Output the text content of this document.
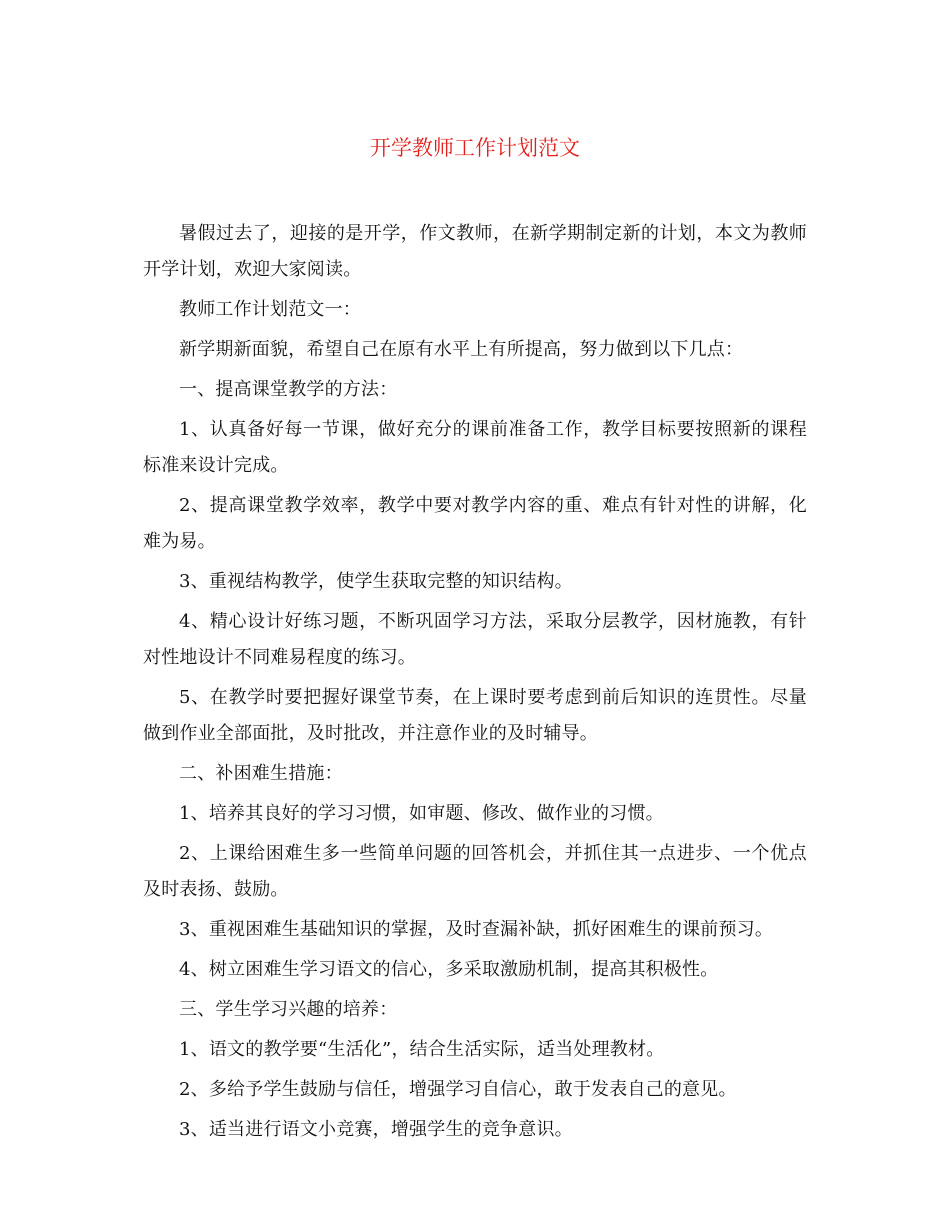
开学教师工作计划范文

暑假过去了，迎接的是开学，作文教师，在新学期制定新的计划，本文为教师开学计划，欢迎大家阅读。

教师工作计划范文一：

新学期新面貌，希望自己在原有水平上有所提高，努力做到以下几点：

一、提高课堂教学的方法：

1、认真备好每一节课，做好充分的课前准备工作，教学目标要按照新的课程标准来设计完成。

2、提高课堂教学效率，教学中要对教学内容的重、难点有针对性的讲解，化难为易。

3、重视结构教学，使学生获取完整的知识结构。

4、精心设计好练习题，不断巩固学习方法，采取分层教学，因材施教，有针对性地设计不同难易程度的练习。

5、在教学时要把握好课堂节奏，在上课时要考虑到前后知识的连贯性。尽量做到作业全部面批，及时批改，并注意作业的及时辅导。

二、补困难生措施：

1、培养其良好的学习习惯，如审题、修改、做作业的习惯。

2、上课给困难生多一些简单问题的回答机会，并抓住其一点进步、一个优点及时表扬、鼓励。

3、重视困难生基础知识的掌握，及时查漏补缺，抓好困难生的课前预习。

4、树立困难生学习语文的信心，多采取激励机制，提高其积极性。

三、学生学习兴趣的培养：

1、语文的教学要“生活化”，结合生活实际，适当处理教材。

2、多给予学生鼓励与信任，增强学习自信心，敢于发表自己的意见。

3、适当进行语文小竞赛，增强学生的竞争意识。
